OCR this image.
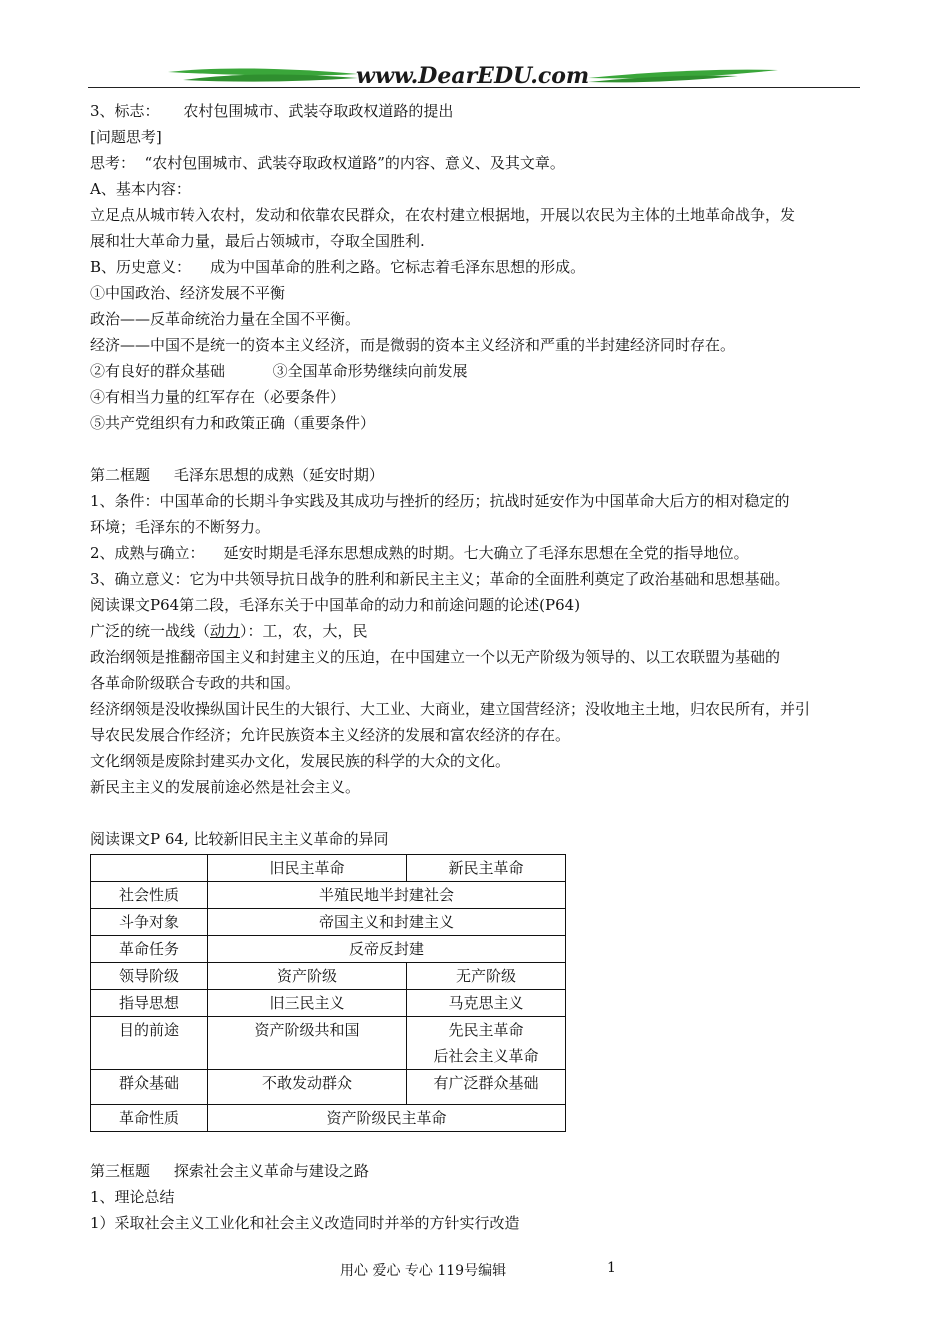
www.DearEDU.com

3、标志：     农村包围城市、武装夺取政权道路的提出

[问题思考]

思考：  “农村包围城市、武装夺取政权道路”的内容、意义、及其文章。

A、基本内容：

立足点从城市转入农村，发动和依靠农民群众，在农村建立根据地，开展以农民为主体的土地革命战争，发

展和壮大革命力量，最后占领城市，夺取全国胜利.

B、历史意义：    成为中国革命的胜利之路。它标志着毛泽东思想的形成。

①中国政治、经济发展不平衡

政治——反革命统治力量在全国不平衡。

经济——中国不是统一的资本主义经济，而是微弱的资本主义经济和严重的半封建经济同时存在。

②有良好的群众基础          ③全国革命形势继续向前发展

④有相当力量的红军存在（必要条件）

⑤共产党组织有力和政策正确（重要条件）

第二框题     毛泽东思想的成熟（延安时期）

1、条件：中国革命的长期斗争实践及其成功与挫折的经历；抗战时延安作为中国革命大后方的相对稳定的

环境；毛泽东的不断努力。

2、成熟与确立：    延安时期是毛泽东思想成熟的时期。七大确立了毛泽东思想在全党的指导地位。

3、确立意义：它为中共领导抗日战争的胜利和新民主主义；革命的全面胜利奠定了政治基础和思想基础。

阅读课文P64第二段，毛泽东关于中国革命的动力和前途问题的论述(P64)

广泛的统一战线（动力）：工，农，大，民

政治纲领是推翻帝国主义和封建主义的压迫，在中国建立一个以无产阶级为领导的、以工农联盟为基础的

各革命阶级联合专政的共和国。

经济纲领是没收操纵国计民生的大银行、大工业、大商业，建立国营经济；没收地主土地，归农民所有，并引

导农民发展合作经济；允许民族资本主义经济的发展和富农经济的存在。

文化纲领是废除封建买办文化，发展民族的科学的大众的文化。

新民主主义的发展前途必然是社会主义。

阅读课文P 64, 比较新旧民主主义革命的异同

	旧民主革命	新民主革命
社会性质	半殖民地半封建社会	
斗争对象	帝国主义和封建主义	
革命任务	反帝反封建	
领导阶级	资产阶级	无产阶级
指导思想	旧三民主义	马克思主义
目的前途	资产阶级共和国	先民主革命
后社会主义革命

群众基础	不敢发动群众	有广泛群众基础
革命性质	资产阶级民主革命	

第三框题     探索社会主义革命与建设之路

1、理论总结

1）采取社会主义工业化和社会主义改造同时并举的方针实行改造

用心 爱心 专心 119号编辑	1
